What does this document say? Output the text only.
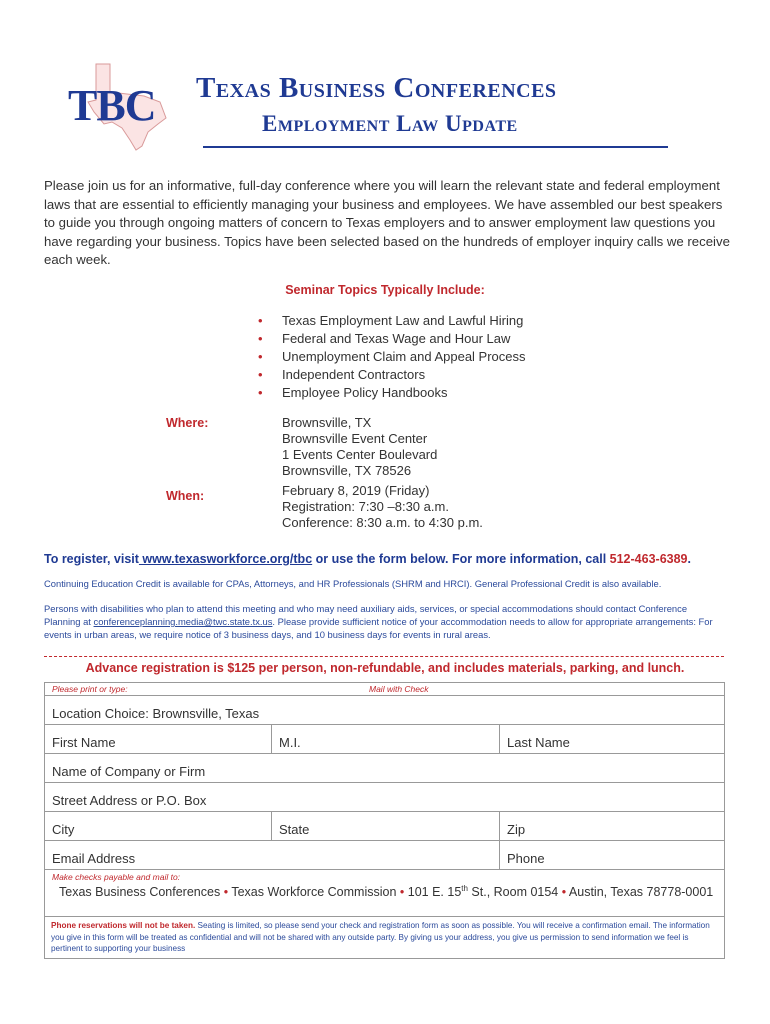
TBC Texas Business Conferences
Employment Law Update

Please join us for an informative, full-day conference where you will learn the relevant state and federal employment laws that are essential to efficiently managing your business and employees. We have assembled our best speakers to guide you through ongoing matters of concern to Texas employers and to answer employment law questions you have regarding your business. Topics have been selected based on the hundreds of employer inquiry calls we receive each week.

Seminar Topics Typically Include:
• Texas Employment Law and Lawful Hiring
• Federal and Texas Wage and Hour Law
• Unemployment Claim and Appeal Process
• Independent Contractors
• Employee Policy Handbooks
Where:	Brownsville, TX
Brownsville Event Center
1 Events Center Boulevard
Brownsville, TX 78526
When:	February 8, 2019 (Friday)
Registration: 7:30 –8:30 a.m.
Conference: 8:30 a.m. to 4:30 p.m.
To register, visit www.texasworkforce.org/tbc or use the form below. For more information, call 512-463-6389.
Continuing Education Credit is available for CPAs, Attorneys, and HR Professionals (SHRM and HRCI). General Professional Credit is also available.
Persons with disabilities who plan to attend this meeting and who may need auxiliary aids, services, or special accommodations should contact Conference Planning at conferenceplanning.media@twc.state.tx.us. Please provide sufficient notice of your accommodation needs to allow for appropriate arrangements: For events in urban areas, we require notice of 3 business days, and 10 business days for events in rural areas.
Advance registration is $125 per person, non-refundable, and includes materials, parking, and lunch.
Please print or type:	Mail with Check
Location Choice: Brownsville, Texas
First Name	M.I.	Last Name
Name of Company or Firm
Street Address or P.O. Box
City	State	Zip
Email Address	Phone
Make checks payable and mail to:
Texas Business Conferences • Texas Workforce Commission • 101 E. 15th St., Room 0154 • Austin, Texas 78778-0001
Phone reservations will not be taken. Seating is limited, so please send your check and registration form as soon as possible. You will receive a confirmation email. The information you give in this form will be treated as confidential and will not be shared with any outside party. By giving us your address, you give us permission to send information we feel is pertinent to supporting your business
